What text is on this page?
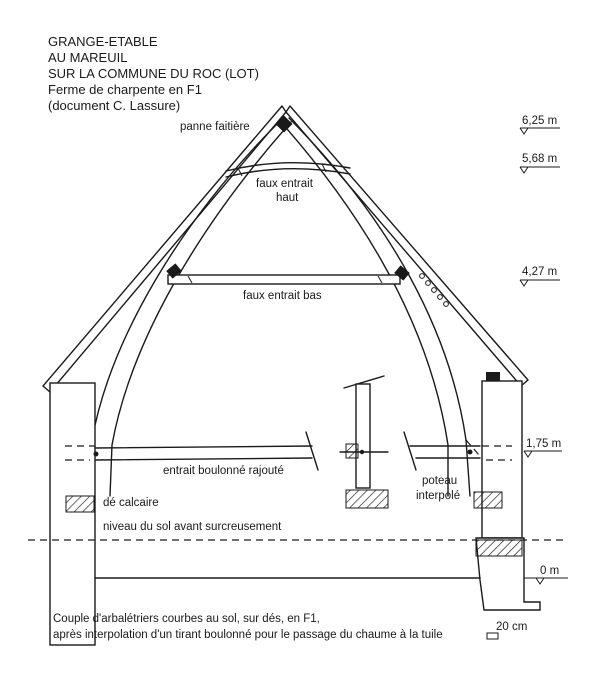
GRANGE-ETABLE
AU MAREUIL
SUR LA COMMUNE DU ROC (LOT)
Ferme de charpente en F1
(document C. Lassure)
panne faitière
faux entrait
haut
faux entrait bas
entrait boulonné rajouté
poteau
interpolé
dé calcaire
niveau du sol avant surcreusement
6,25 m
5,68 m
4,27 m
1,75 m
0 m
Couple d'arbalétriers courbes au sol, sur dés, en F1,
après interpolation d'un tirant boulonné pour le passage du chaume à la tuile
20 cm
